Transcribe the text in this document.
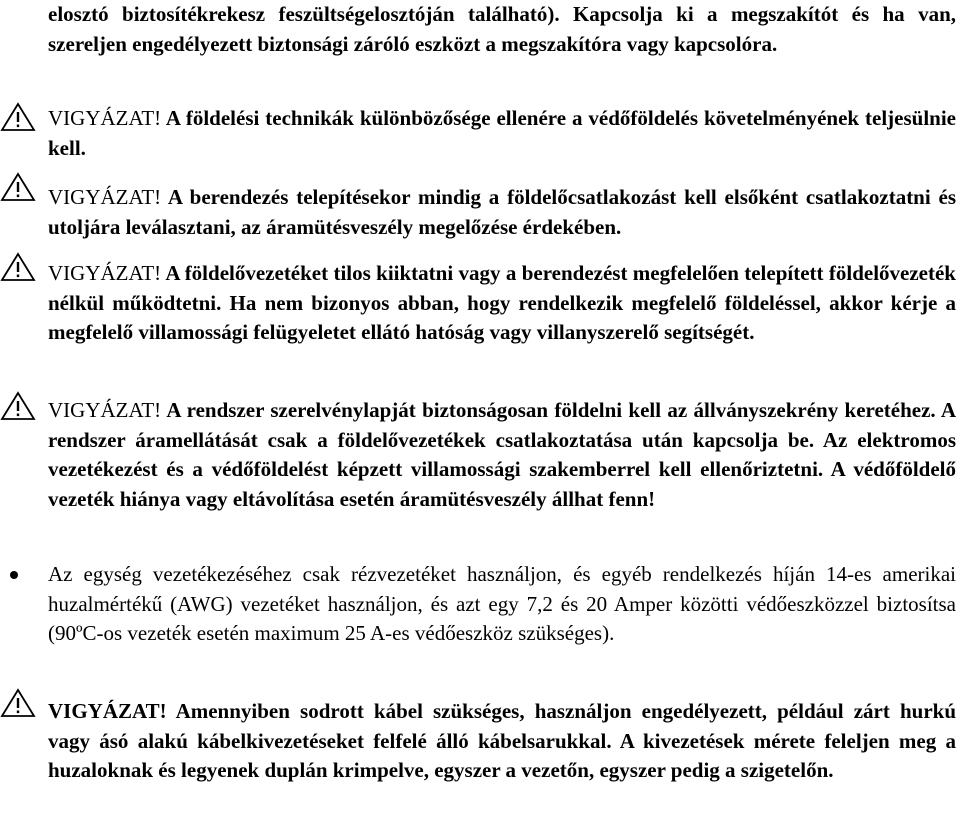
elosztó biztosítékrekesz feszültségelosztóján található). Kapcsolja ki a megszakítót és ha van, szereljen engedélyezett biztonsági záróló eszközt a megszakítóra vagy kapcsolóra.
VIGYÁZAT! A földelési technikák különbözősége ellenére a védőföldelés követelményének teljesülnie kell.
VIGYÁZAT! A berendezés telepítésekor mindig a földelőcsatlakozást kell elsőként csatlakoztatni és utoljára leválasztani, az áramütésveszély megelőzése érdekében.
VIGYÁZAT! A földelővezetéket tilos kiiktatni vagy a berendezést megfelelően telepített földelővezeték nélkül működtetni. Ha nem bizonyos abban, hogy rendelkezik megfelelő földeléssel, akkor kérje a megfelelő villamossági felügyeletet ellátó hatóság vagy villanyszerelő segítségét.
VIGYÁZAT! A rendszer szerelvénylapját biztonságosan földelni kell az állványszekrény keretéhez. A rendszer áramellátását csak a földelővezetékek csatlakoztatása után kapcsolja be. Az elektromos vezetékezést és a védőföldelést képzett villamossági szakemberrel kell ellenőriztetni. A védőföldelő vezeték hiánya vagy eltávolítása esetén áramütésveszély állhat fenn!
Az egység vezetékezéséhez csak rézvezetéket használjon, és egyéb rendelkezés híján 14-es amerikai huzalmértékű (AWG) vezetéket használjon, és azt egy 7,2 és 20 Amper közötti védőeszközzel biztosítsa (90ºC-os vezeték esetén maximum 25 A-es védőeszköz szükséges).
VIGYÁZAT! Amennyiben sodrott kábel szükséges, használjon engedélyezett, például zárt hurkú vagy ásó alakú kábelkivezetéseket felfelé álló kábelsarukkal. A kivezetések mérete feleljen meg a huzaloknak és legyenek duplán krimpelve, egyszer a vezetőn, egyszer pedig a szigetelőn.
